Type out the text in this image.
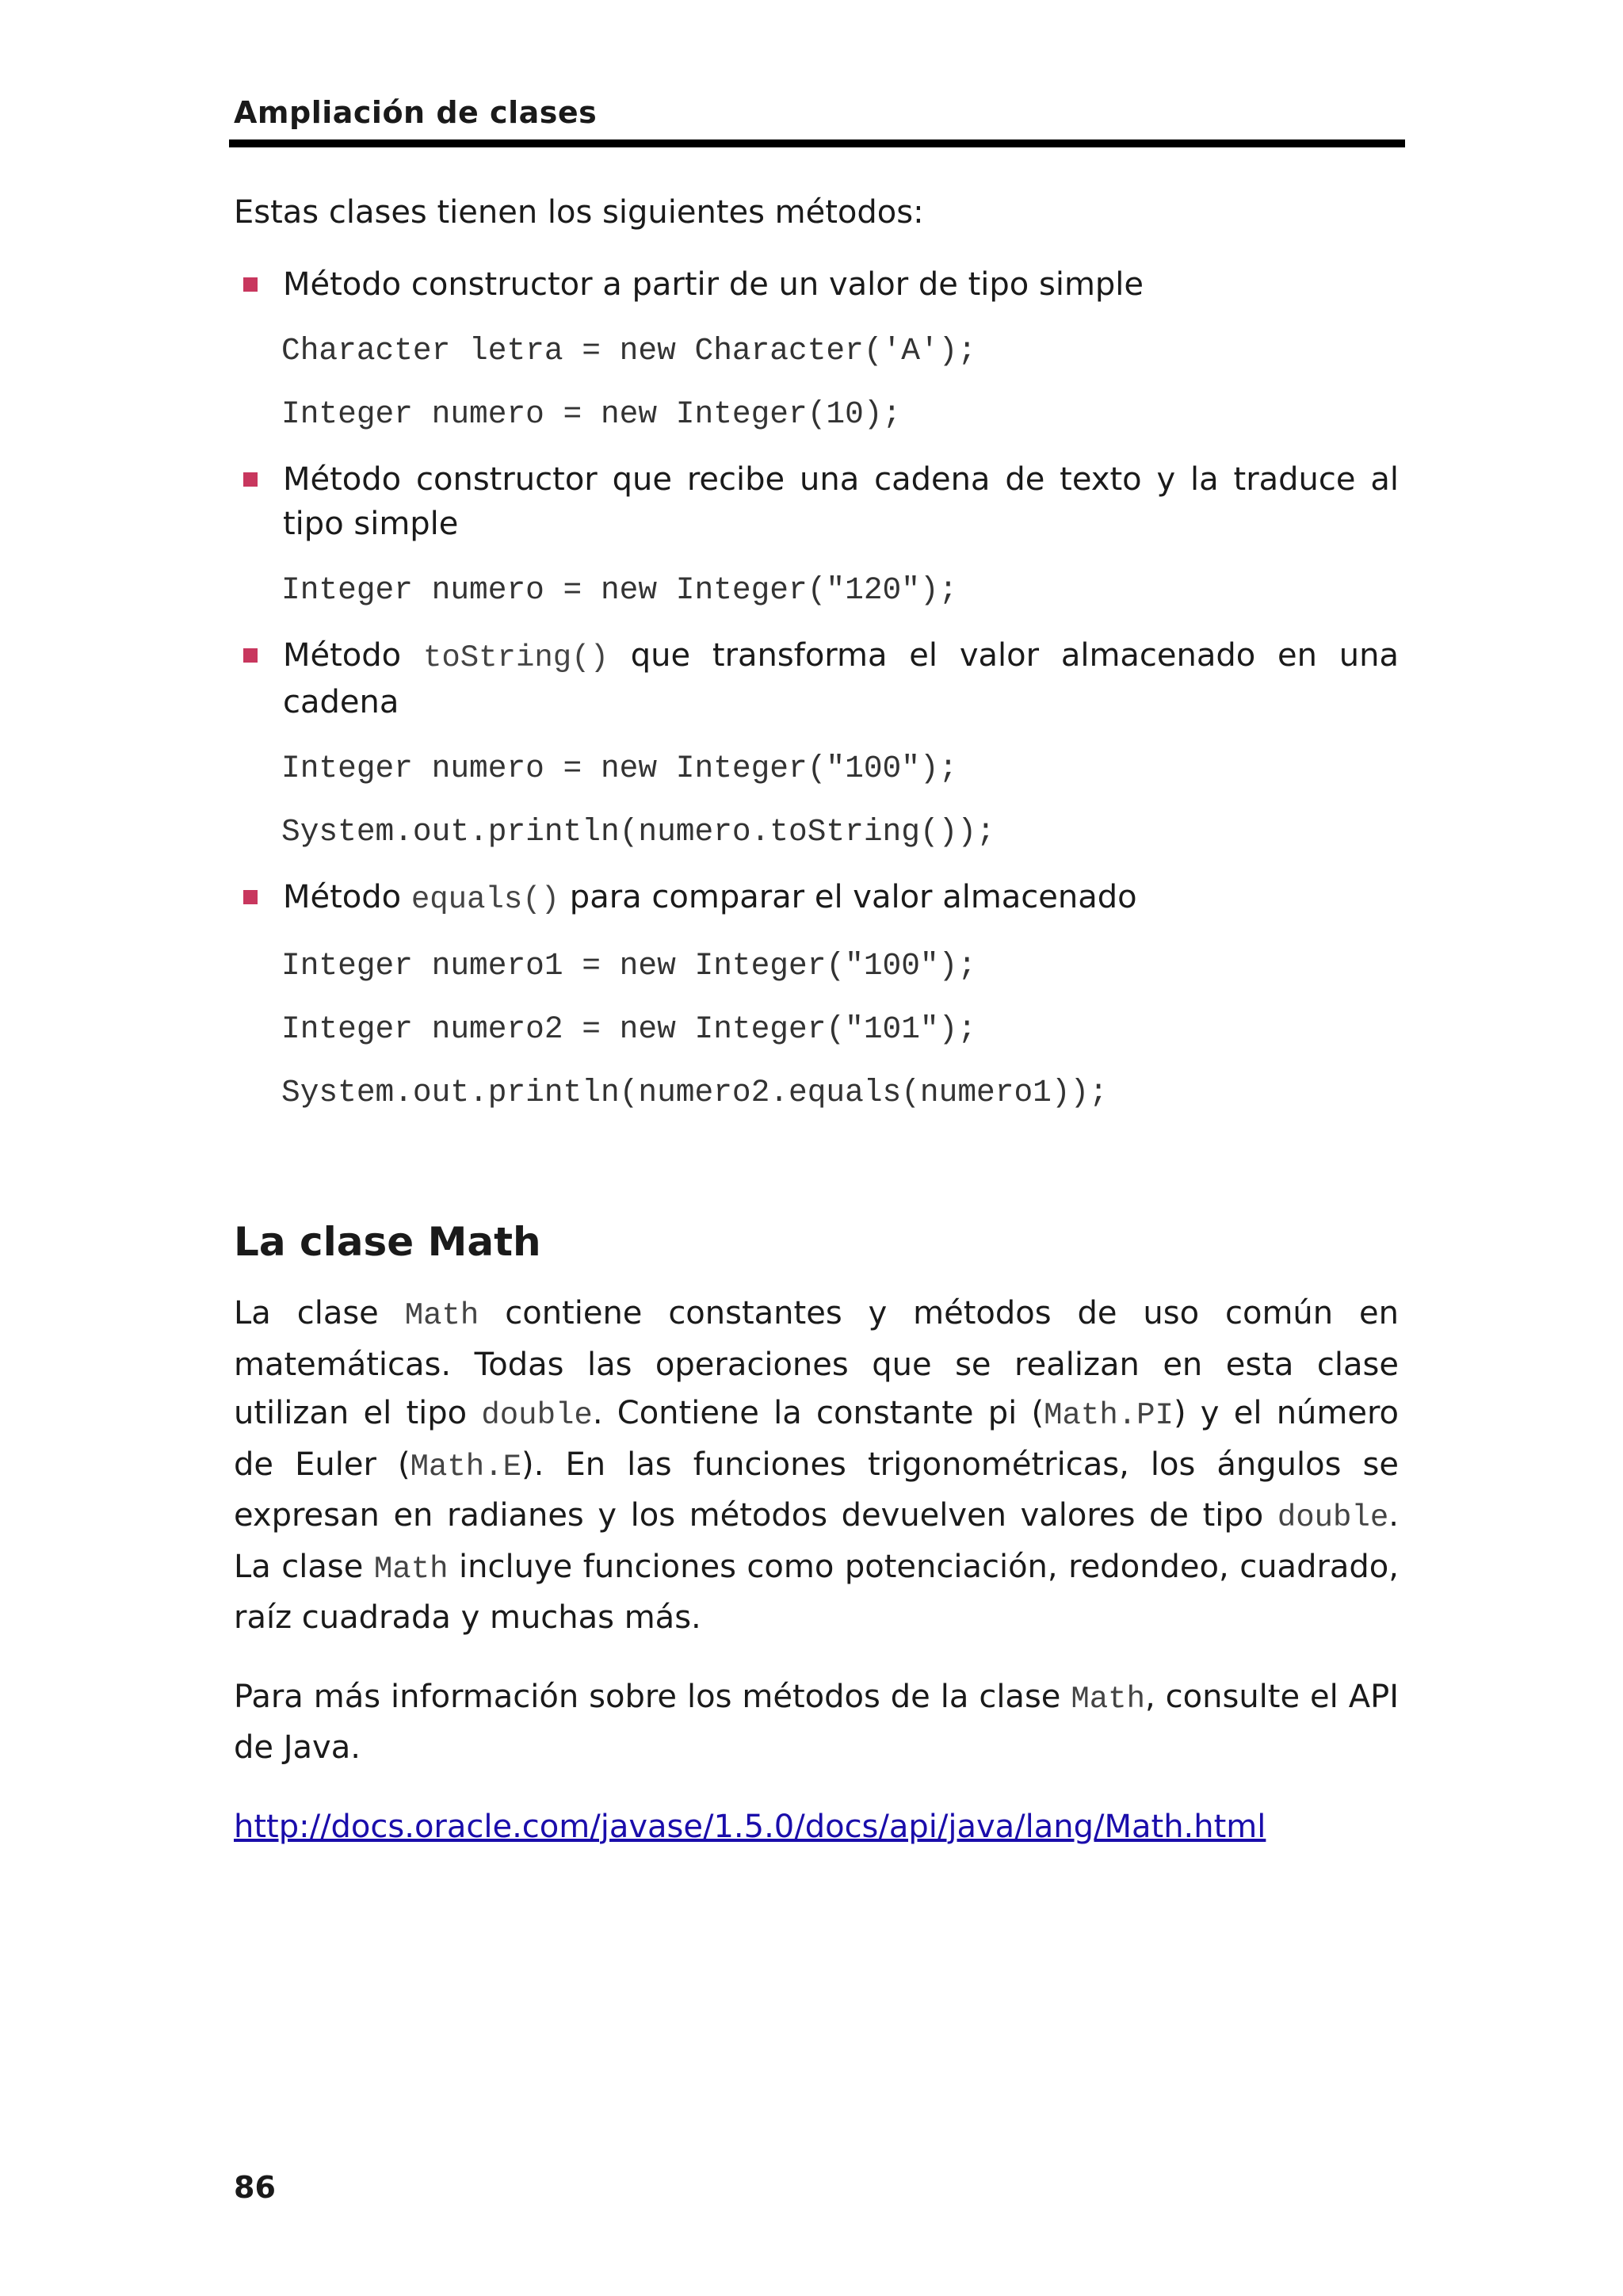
Ampliación de clases

Estas clases tienen los siguientes métodos:

Método constructor a partir de un valor de tipo simple
Character letra = new Character('A');
Integer numero = new Integer(10);
Método constructor que recibe una cadena de texto y la traduce al tipo simple
Integer numero = new Integer("120");
Método toString() que transforma el valor almacenado en una cadena
Integer numero = new Integer("100");
System.out.println(numero.toString());
Método equals() para comparar el valor almacenado
Integer numero1 = new Integer("100");
Integer numero2 = new Integer("101");
System.out.println(numero2.equals(numero1));
La clase Math

La clase Math contiene constantes y métodos de uso común en matemáticas. Todas las operaciones que se realizan en esta clase utilizan el tipo double. Contiene la constante pi (Math.PI) y el número de Euler (Math.E). En las funciones trigonométricas, los ángulos se expresan en radianes y los métodos devuelven valores de tipo double. La clase Math incluye funciones como potenciación, redondeo, cuadrado, raíz cuadrada y muchas más.

Para más información sobre los métodos de la clase Math, consulte el API de Java.

http://docs.oracle.com/javase/1.5.0/docs/api/java/lang/Math.html
86
